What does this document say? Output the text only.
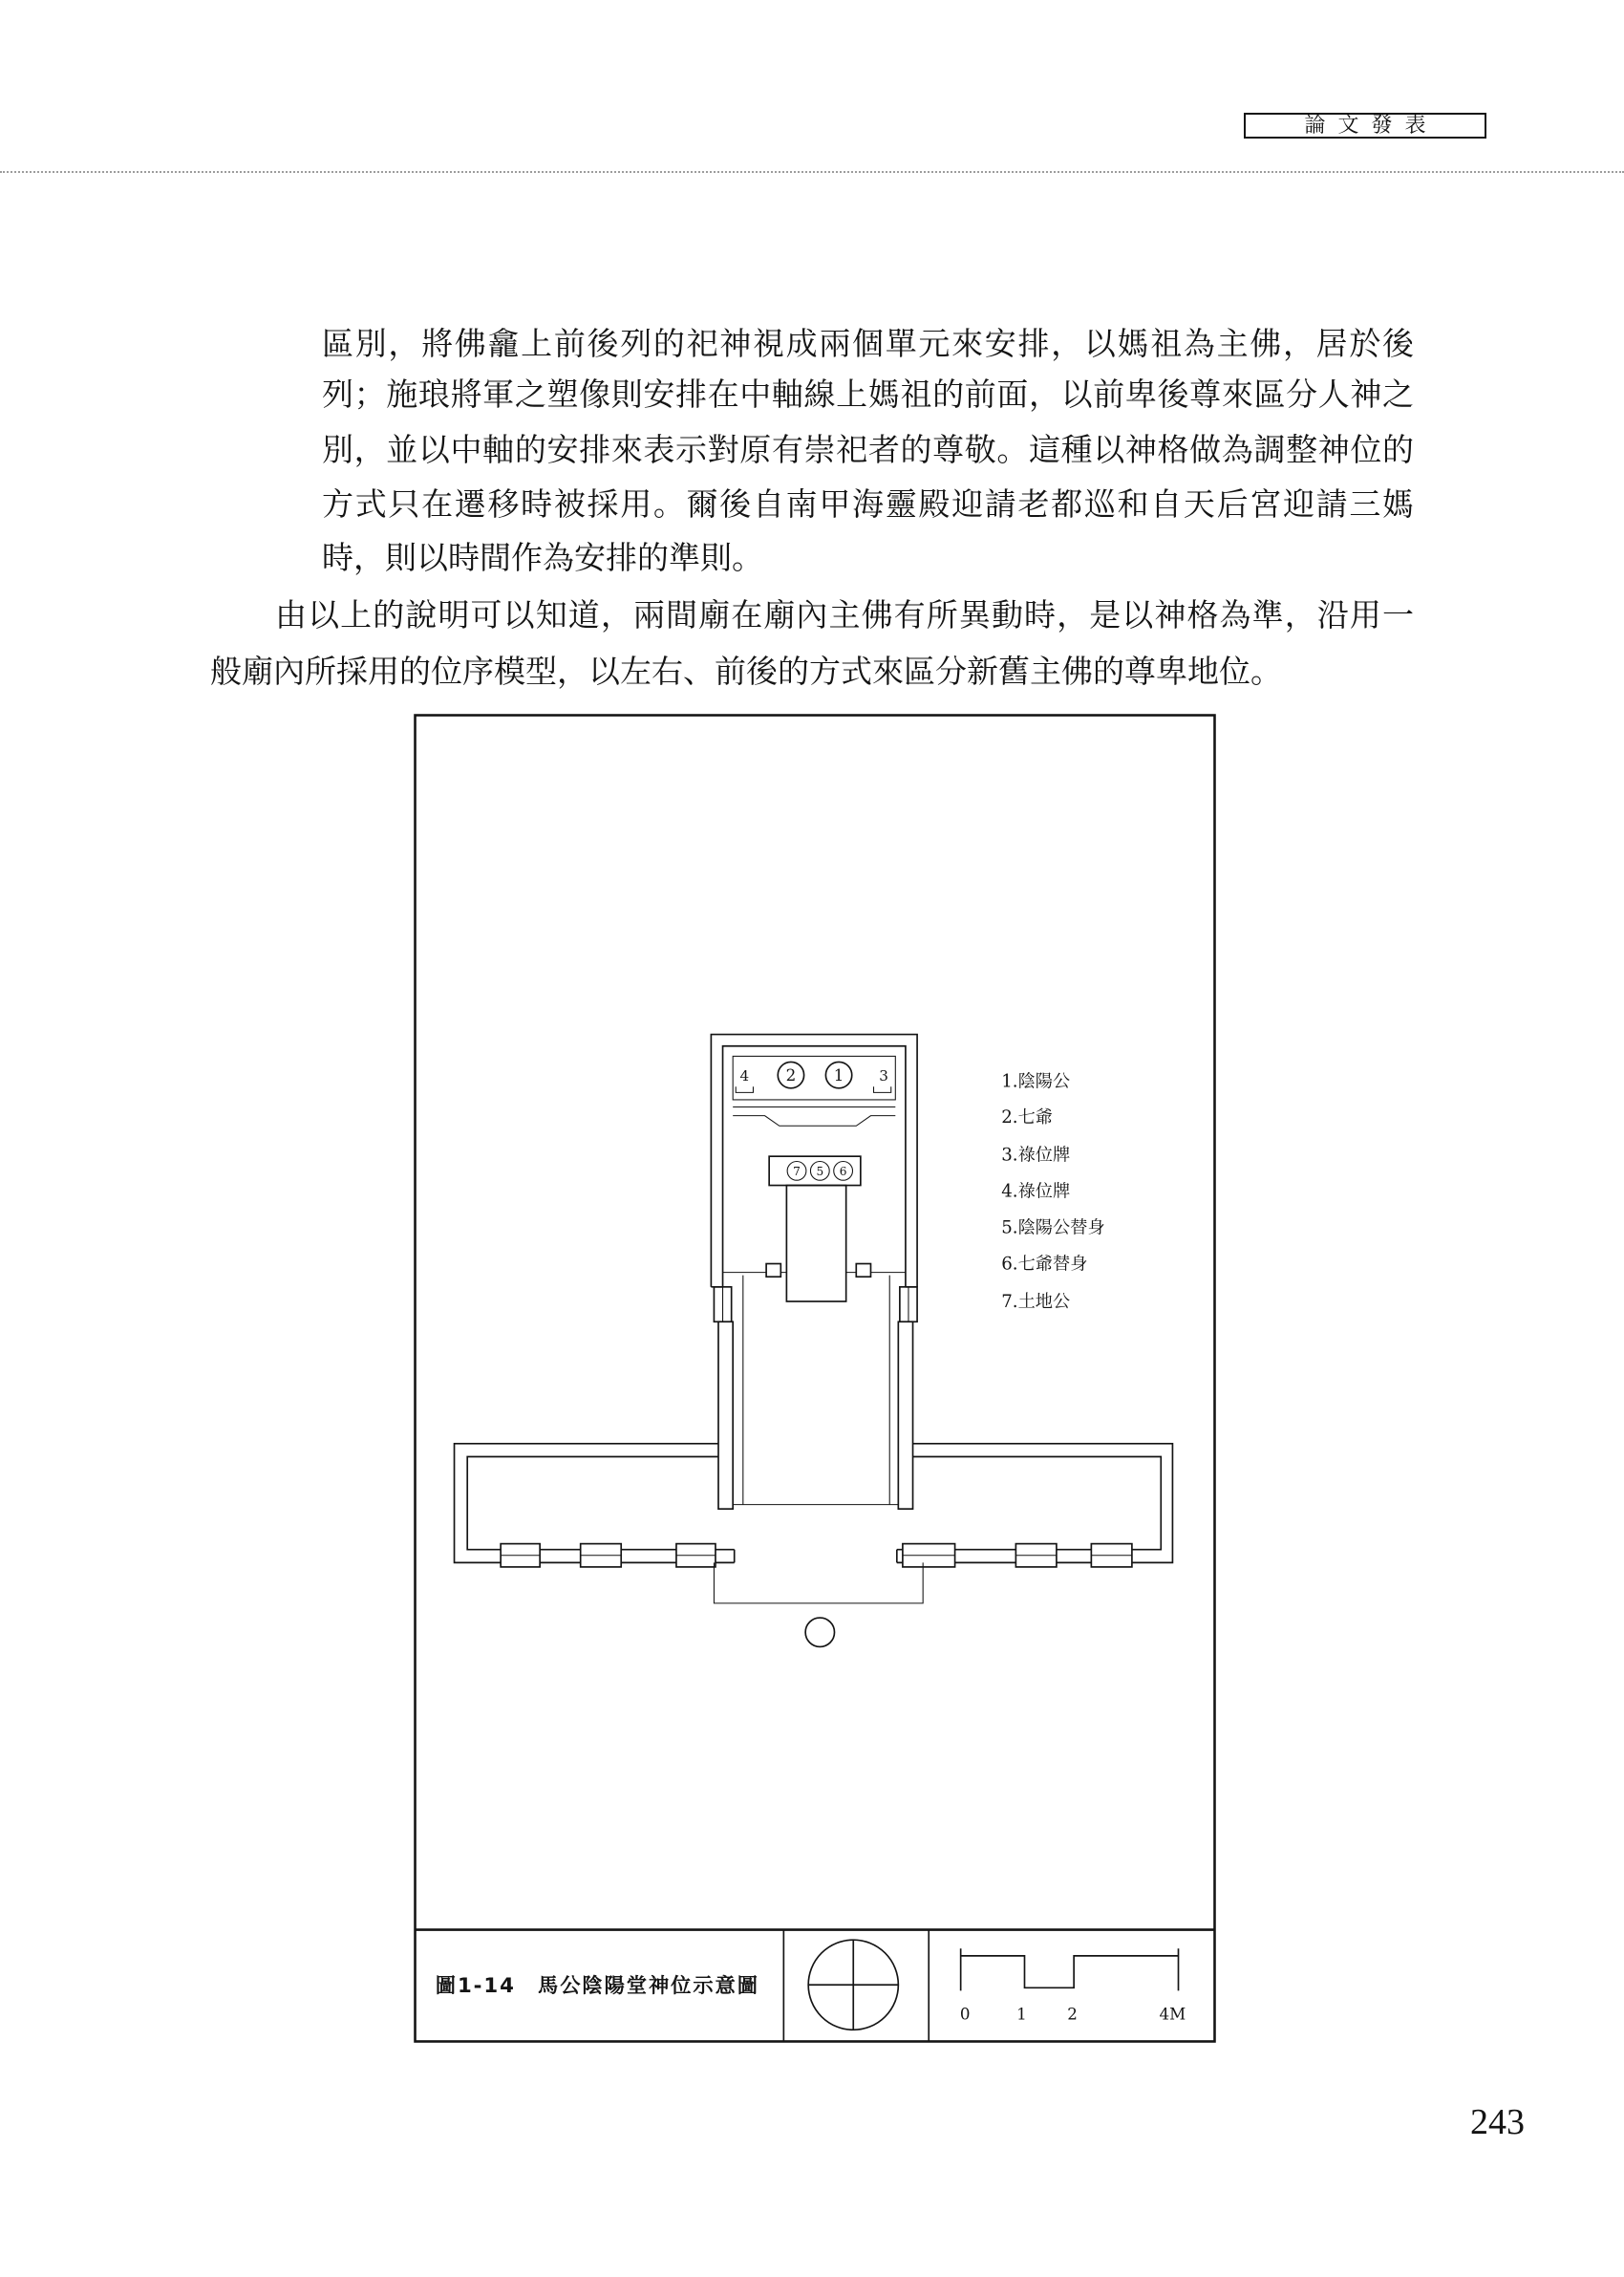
論文發表
區別，將佛龕上前後列的祀神視成兩個單元來安排，以媽祖為主佛，居於後
列；施琅將軍之塑像則安排在中軸線上媽祖的前面，以前卑後尊來區分人神之
別，並以中軸的安排來表示對原有崇祀者的尊敬。這種以神格做為調整神位的
方式只在遷移時被採用。爾後自南甲海靈殿迎請老都巡和自天后宮迎請三媽
時，則以時間作為安排的準則。
由以上的說明可以知道，兩間廟在廟內主佛有所異動時，是以神格為準，沿用一
般廟內所採用的位序模型，以左右、前後的方式來區分新舊主佛的尊卑地位。
4	2	1	3
7 5 6
1.陰陽公
2.七爺
3.祿位牌
4.祿位牌
5.陰陽公替身
6.七爺替身
7.土地公
圖1-14　馬公陰陽堂神位示意圖
0	1	2	4M
243
